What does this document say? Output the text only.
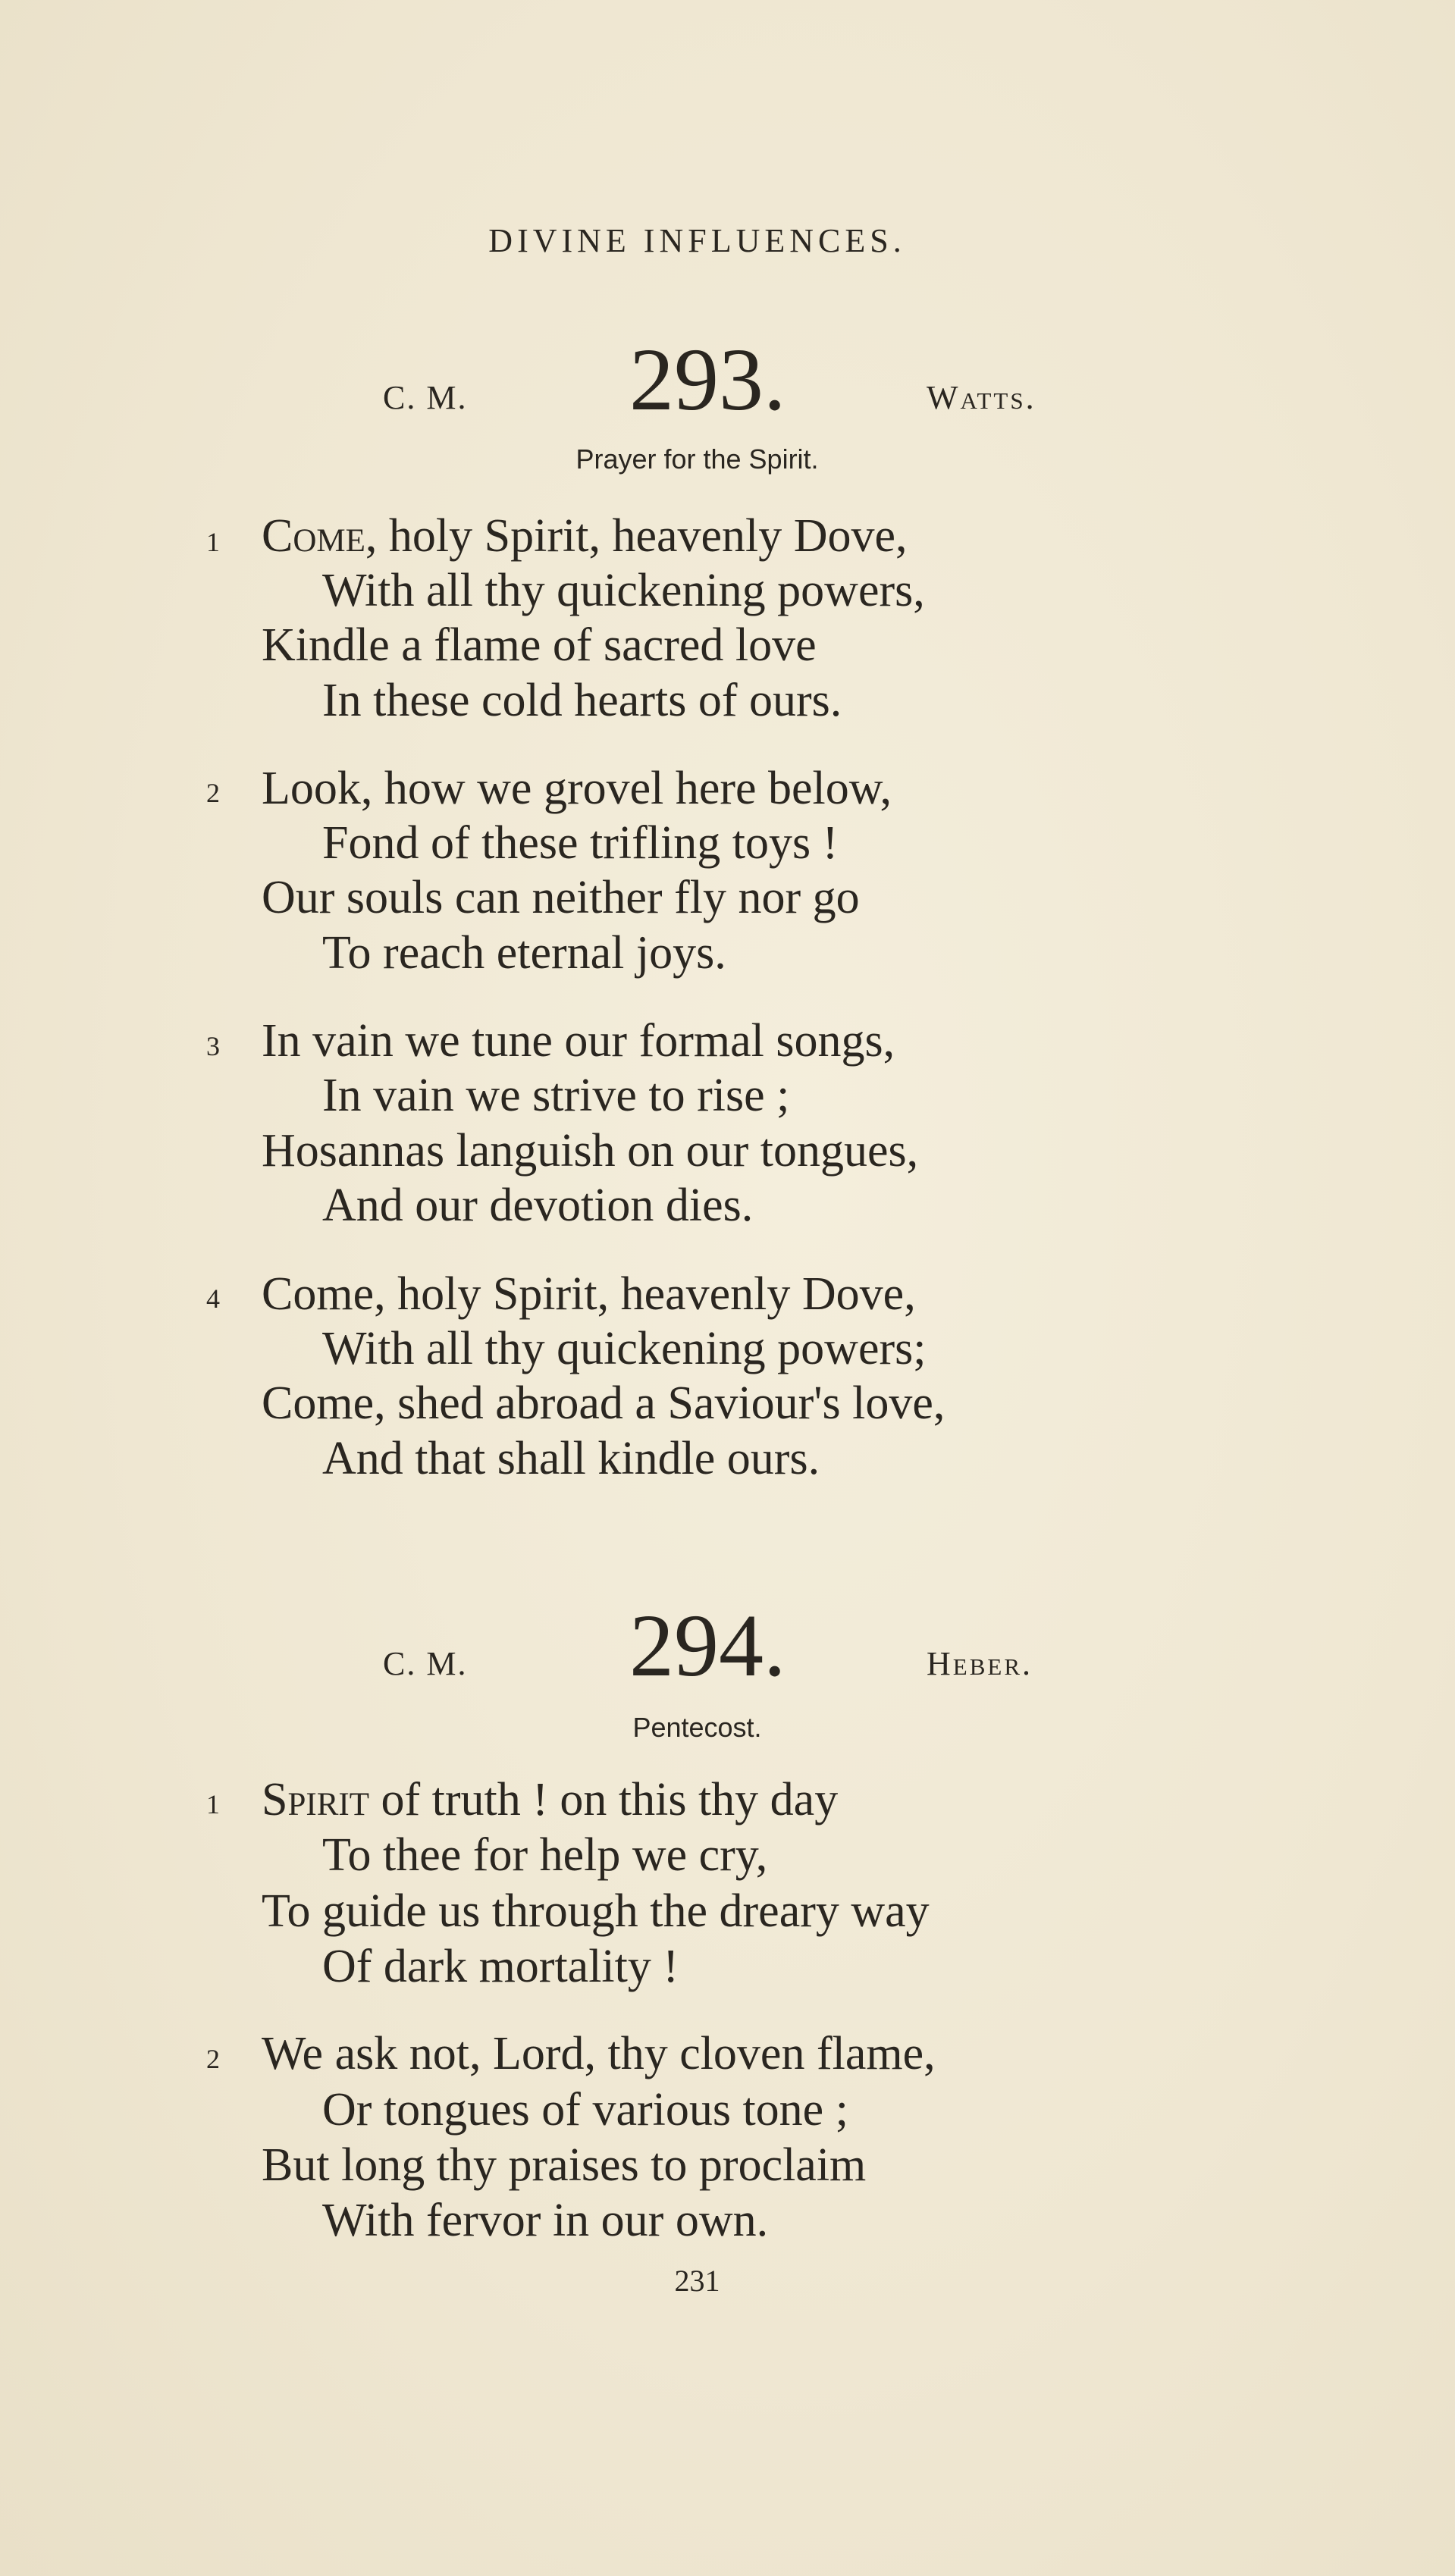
DIVINE INFLUENCES.
C. M. 293.	Watts.
Prayer for the Spirit.
1 Come, holy Spirit, heavenly Dove,
With all thy quickening powers,
Kindle a flame of sacred love
In these cold hearts of ours.
2 Look, how we grovel here below,
Fond of these trifling toys !
Our souls can neither fly nor go
To reach eternal joys.
3 In vain we tune our formal songs,
In vain we strive to rise ;
Hosannas languish on our tongues,
And our devotion dies.
4 Come, holy Spirit, heavenly Dove,
With all thy quickening powers;
Come, shed abroad a Saviour's love,
And that shall kindle ours.
C. M. 294.	Heber.
Pentecost.
1 Spirit of truth ! on this thy day
To thee for help we cry,
To guide us through the dreary way
Of dark mortality !
2 We ask not, Lord, thy cloven flame,
Or tongues of various tone ;
But long thy praises to proclaim
With fervor in our own.
231
